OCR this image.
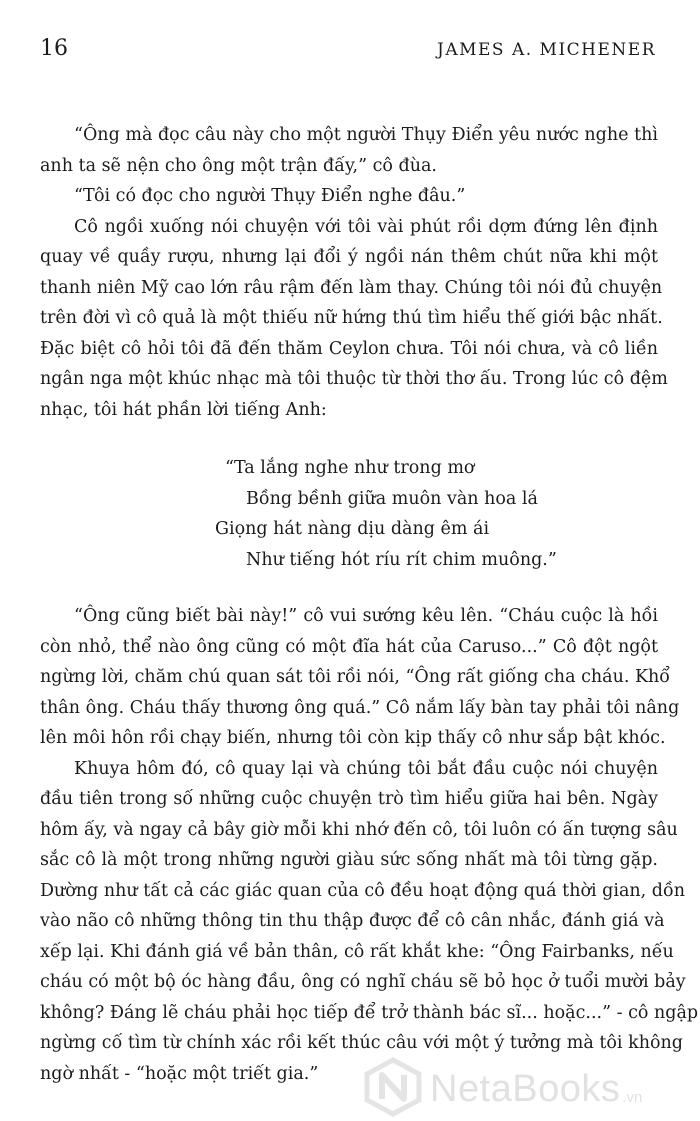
16	JAMES A. MICHENER
“Ông mà đọc câu này cho một người Thụy Điển yêu nước nghe thì
anh ta sẽ nện cho ông một trận đấy,” cô đùa.
“Tôi có đọc cho người Thụy Điển nghe đâu.”
Cô ngồi xuống nói chuyện với tôi vài phút rồi dợm đứng lên định
quay về quầy rượu, nhưng lại đổi ý ngồi nán thêm chút nữa khi một
thanh niên Mỹ cao lớn râu rậm đến làm thay. Chúng tôi nói đủ chuyện
trên đời vì cô quả là một thiếu nữ hứng thú tìm hiểu thế giới bậc nhất.
Đặc biệt cô hỏi tôi đã đến thăm Ceylon chưa. Tôi nói chưa, và cô liền
ngân nga một khúc nhạc mà tôi thuộc từ thời thơ ấu. Trong lúc cô đệm
nhạc, tôi hát phần lời tiếng Anh:
“Ta lắng nghe như trong mơ
Bồng bềnh giữa muôn vàn hoa lá
Giọng hát nàng dịu dàng êm ái
Như tiếng hót ríu rít chim muông.”
“Ông cũng biết bài này!” cô vui sướng kêu lên. “Cháu cuộc là hồi
còn nhỏ, thể nào ông cũng có một đĩa hát của Caruso...” Cô đột ngột
ngừng lời, chăm chú quan sát tôi rồi nói, “Ông rất giống cha cháu. Khổ
thân ông. Cháu thấy thương ông quá.” Cô nắm lấy bàn tay phải tôi nâng
lên môi hôn rồi chạy biến, nhưng tôi còn kịp thấy cô như sắp bật khóc.
Khuya hôm đó, cô quay lại và chúng tôi bắt đầu cuộc nói chuyện
đầu tiên trong số những cuộc chuyện trò tìm hiểu giữa hai bên. Ngày
hôm ấy, và ngay cả bây giờ mỗi khi nhớ đến cô, tôi luôn có ấn tượng sâu
sắc cô là một trong những người giàu sức sống nhất mà tôi từng gặp.
Dường như tất cả các giác quan của cô đều hoạt động quá thời gian, dồn
vào não cô những thông tin thu thập được để cô cân nhắc, đánh giá và
xếp lại. Khi đánh giá về bản thân, cô rất khắt khe: “Ông Fairbanks, nếu
cháu có một bộ óc hàng đầu, ông có nghĩ cháu sẽ bỏ học ở tuổi mười bảy
không? Đáng lẽ cháu phải học tiếp để trở thành bác sĩ... hoặc...” - cô ngập
ngừng cố tìm từ chính xác rồi kết thúc câu với một ý tưởng mà tôi không
ngờ nhất - “hoặc một triết gia.”	NetaBooks .vn
